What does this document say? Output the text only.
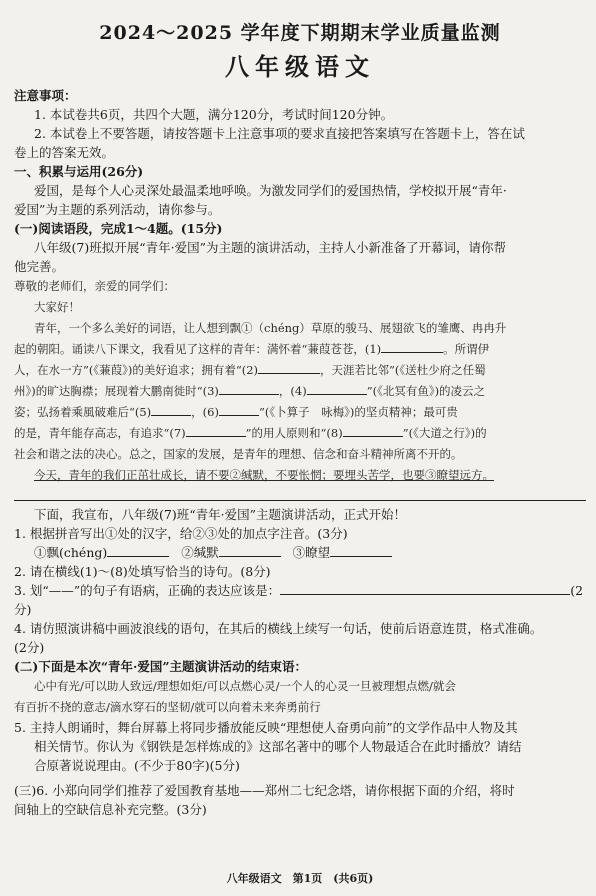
2024～2025 学年度下期期末学业质量监测
八年级语文
注意事项：
1. 本试卷共6页，共四个大题，满分120分，考试时间120分钟。
2. 本试卷上不要答题，请按答题卡上注意事项的要求直接把答案填写在答题卡上，答在试
卷上的答案无效。
一、积累与运用(26分)
爱国，是每个人心灵深处最温柔地呼唤。为激发同学们的爱国热情，学校拟开展“青年·
爱国”为主题的系列活动，请你参与。
(一)阅读语段，完成1～4题。(15分)
八年级(7)班拟开展“青年·爱国”为主题的演讲活动，主持人小新准备了开幕词，请你帮
他完善。
尊敬的老师们，亲爱的同学们：
大家好！
青年，一个多么美好的词语，让人想到飘①（chéng）草原的骏马、展翅欲飞的雏鹰、冉冉升
起的朝阳。诵读八下课文，我看见了这样的青年：满怀着“蒹葭苍苍，(1)	。所谓伊
人，在水一方”(《蒹葭》)的美好追求；拥有着“(2)	，天涯若比邻”(《送杜少府之任蜀
州》)的旷达胸襟；展现着大鹏南徙时“(3)	，(4)	”(《北冥有鱼》)的凌云之
姿；弘扬着乘風破难后“(5)	，(6)	”(《卜算子　咏梅》)的坚贞精神；最可贵
的是，青年能存高志，有追求“(7)	”的用人原则和“(8)	”(《大道之行》)的
社会和谐之法的决心。总之，国家的发展，是青年的理想、信念和奋斗精神所离不开的。
今天，青年的我们正茁壮成长，请不要②缄默，不要怅惘；要埋头苦学，也要③瞭望远方。
下面，我宣布，八年级(7)班“青年·爱国”主题演讲活动，正式开始！
1. 根据拼音写出①处的汉字，给②③处的加点字注音。(3分)
①飘(chéng)	②缄默	③瞭望
2. 请在横线(1)～(8)处填写恰当的诗句。(8分)
3. 划“——”的句子有语病，正确的表达应该是：	(2分)
4. 请仿照演讲稿中画波浪线的语句，在其后的横线上续写一句话，使前后语意连贯，格式准确。
(2分)
(二)下面是本次“青年·爱国”主题演讲活动的结束语：
心中有光/可以助人致远/理想如炬/可以点燃心灵/一个人的心灵一旦被理想点燃/就会
有百折不挠的意志/滴水穿石的坚韧/就可以向着未来奔勇前行
5. 主持人朗诵时，舞台屏幕上将同步播放能反映“理想使人奋勇向前”的文学作品中人物及其
相关情节。你认为《钢铁是怎样炼成的》这部名著中的哪个人物最适合在此时播放？请结
合原著说说理由。(不少于80字)(5分)
(三)6. 小郑向同学们推荐了爱国教育基地——郑州二七纪念塔，请你根据下面的介绍，将时
间轴上的空缺信息补充完整。(3分)
八年级语文　第1页　(共6页)
